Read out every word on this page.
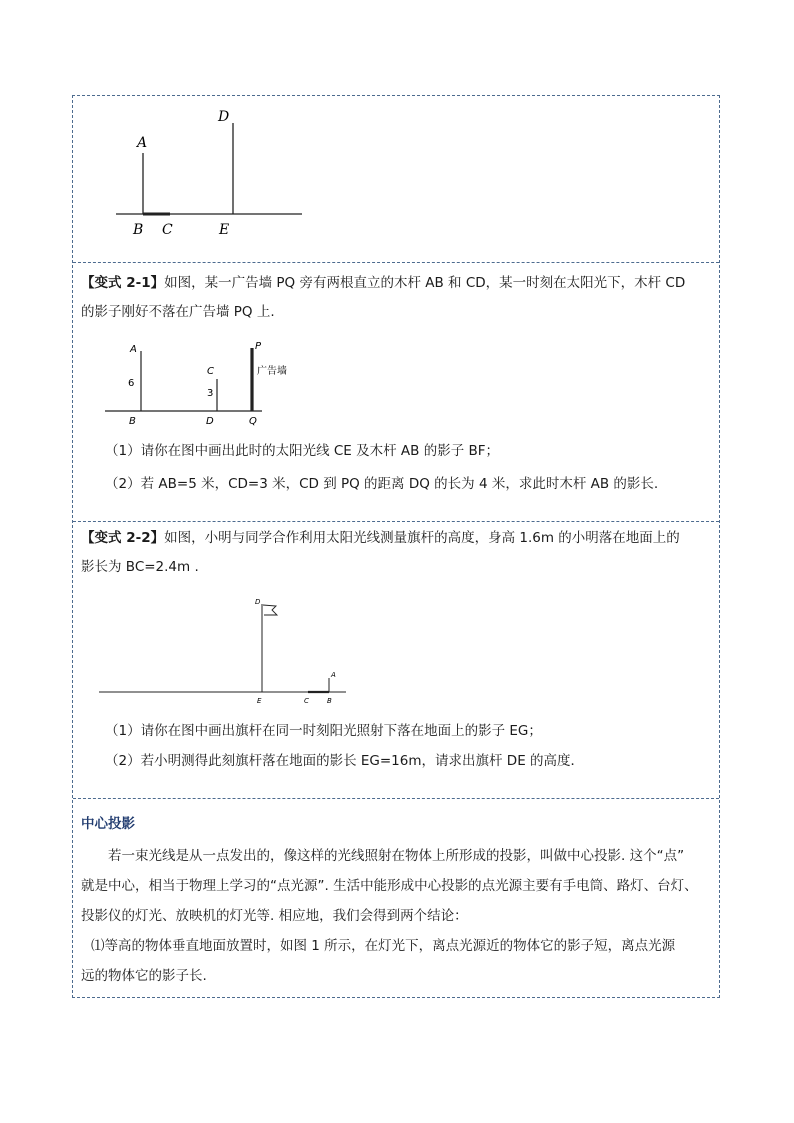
A
B C
D
E
【变式 2-1】如图，某一广告墙 PQ 旁有两根直立的木杆 AB 和 CD，某一时刻在太阳光下，木杆 CD
的影子刚好不落在广告墙 PQ 上.
A
B
C
D
P
Q
6
3
广告墙
（1）请你在图中画出此时的太阳光线 CE 及木杆 AB 的影子 BF；
（2）若 AB=5 米，CD=3 米，CD 到 PQ 的距离 DQ 的长为 4 米，求此时木杆 AB 的影长.
【变式 2-2】如图，小明与同学合作利用太阳光线测量旗杆的高度，身高 1.6m 的小明落在地面上的
影长为 BC=2.4m .
D
E	C	B
A
（1）请你在图中画出旗杆在同一时刻阳光照射下落在地面上的影子 EG；
（2）若小明测得此刻旗杆落在地面的影长 EG=16m，请求出旗杆 DE 的高度．
中心投影
若一束光线是从一点发出的，像这样的光线照射在物体上所形成的投影，叫做中心投影. 这个“点”
就是中心，相当于物理上学习的“点光源”. 生活中能形成中心投影的点光源主要有手电筒、路灯、台灯、
投影仪的灯光、放映机的灯光等. 相应地，我们会得到两个结论：
⑴等高的物体垂直地面放置时，如图 1 所示，在灯光下，离点光源近的物体它的影子短，离点光源
远的物体它的影子长.
